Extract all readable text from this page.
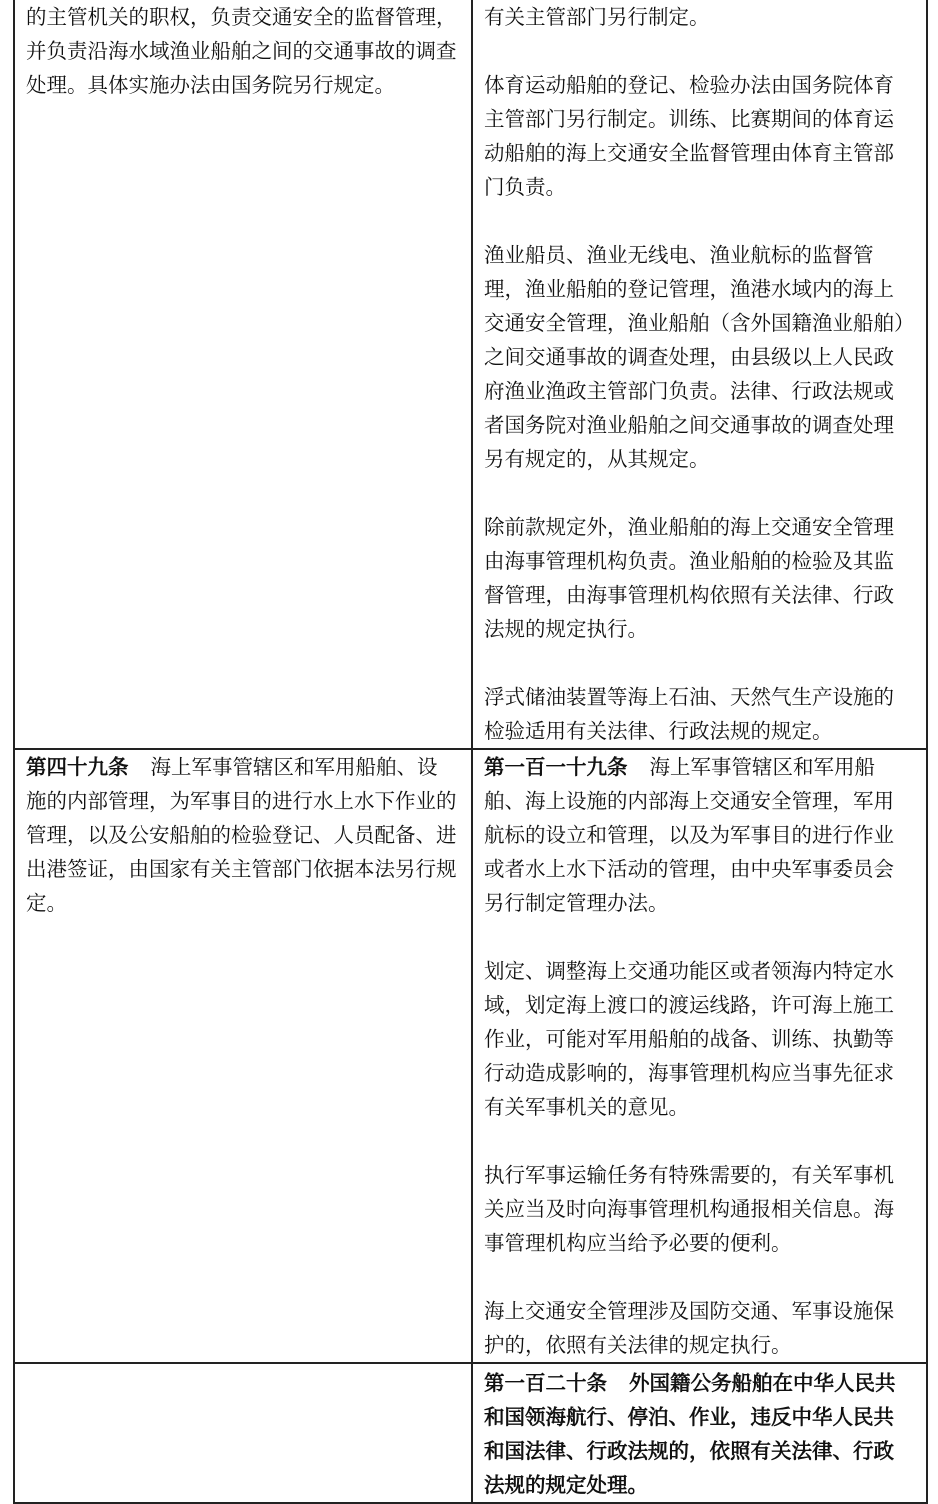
的主管机关的职权，负责交通安全的监督管理，并负责沿海水域渔业船舶之间的交通事故的调查处理。具体实施办法由国务院另行规定。	有关主管部门另行制定。

体育运动船舶的登记、检验办法由国务院体育主管部门另行制定。训练、比赛期间的体育运动船舶的海上交通安全监督管理由体育主管部门负责。

渔业船员、渔业无线电、渔业航标的监督管理，渔业船舶的登记管理，渔港水域内的海上交通安全管理，渔业船舶（含外国籍渔业船舶）之间交通事故的调查处理，由县级以上人民政府渔业渔政主管部门负责。法律、行政法规或者国务院对渔业船舶之间交通事故的调查处理另有规定的，从其规定。

除前款规定外，渔业船舶的海上交通安全管理由海事管理机构负责。渔业船舶的检验及其监督管理，由海事管理机构依照有关法律、行政法规的规定执行。

浮式储油装置等海上石油、天然气生产设施的检验适用有关法律、行政法规的规定。

第四十九条 海上军事管辖区和军用船舶、设施的内部管理，为军事目的进行水上水下作业的管理，以及公安船舶的检验登记、人员配备、进出港签证，由国家有关主管部门依据本法另行规定。	第一百一十九条 海上军事管辖区和军用船舶、海上设施的内部海上交通安全管理，军用航标的设立和管理，以及为军事目的进行作业或者水上水下活动的管理，由中央军事委员会另行制定管理办法。

划定、调整海上交通功能区或者领海内特定水域，划定海上渡口的渡运线路，许可海上施工作业，可能对军用船舶的战备、训练、执勤等行动造成影响的，海事管理机构应当事先征求有关军事机关的意见。

执行军事运输任务有特殊需要的，有关军事机关应当及时向海事管理机构通报相关信息。海事管理机构应当给予必要的便利。

海上交通安全管理涉及国防交通、军事设施保护的，依照有关法律的规定执行。

	第一百二十条 外国籍公务船舶在中华人民共和国领海航行、停泊、作业，违反中华人民共和国法律、行政法规的，依照有关法律、行政法规的规定处理。
